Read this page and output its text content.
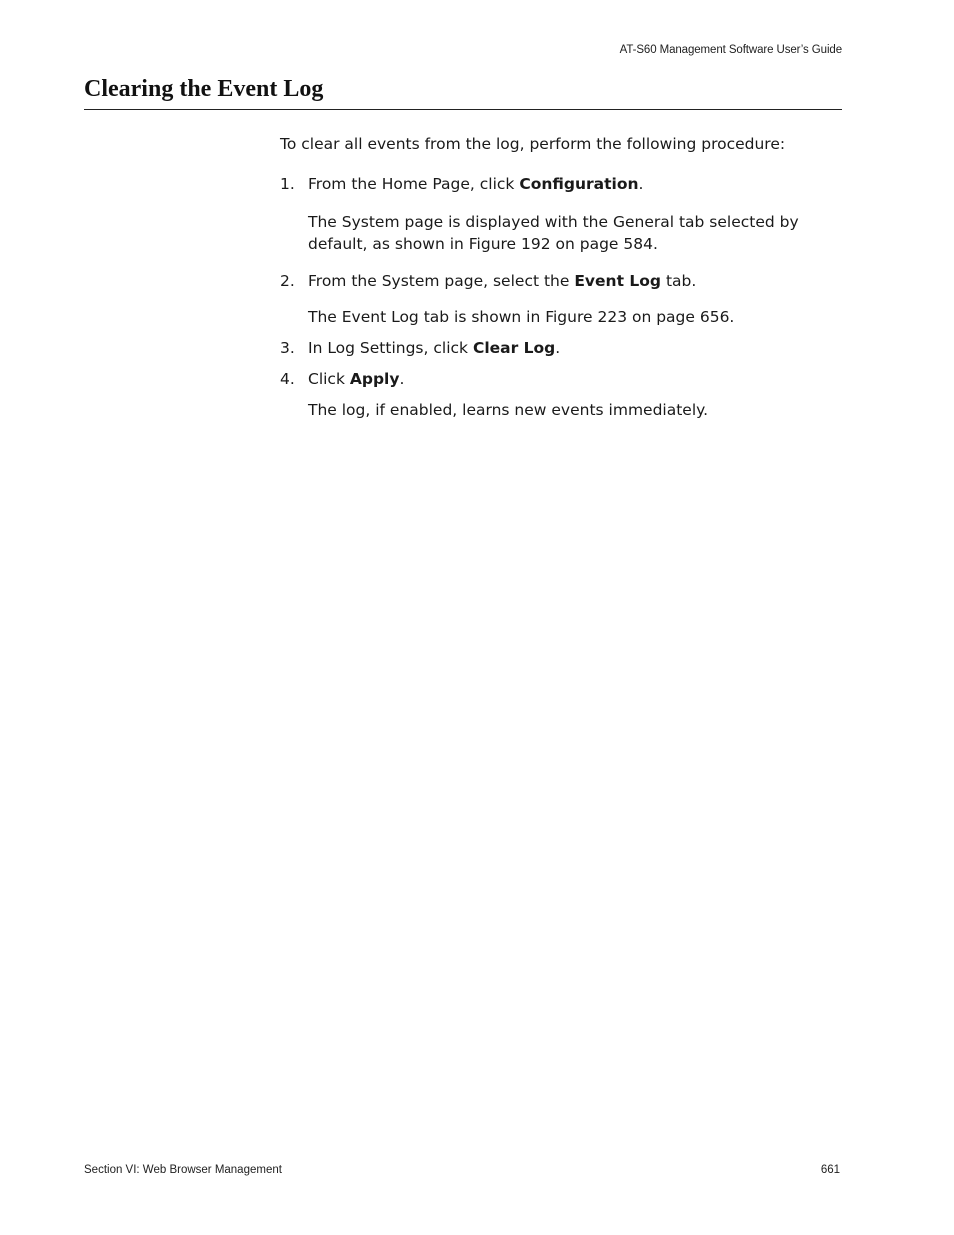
AT-S60 Management Software User’s Guide
Clearing the Event Log
To clear all events from the log, perform the following procedure:
1. From the Home Page, click Configuration.
The System page is displayed with the General tab selected by default, as shown in Figure 192 on page 584.
2. From the System page, select the Event Log tab.
The Event Log tab is shown in Figure 223 on page 656.
3. In Log Settings, click Clear Log.
4. Click Apply.
The log, if enabled, learns new events immediately.
Section VI: Web Browser Management	661
